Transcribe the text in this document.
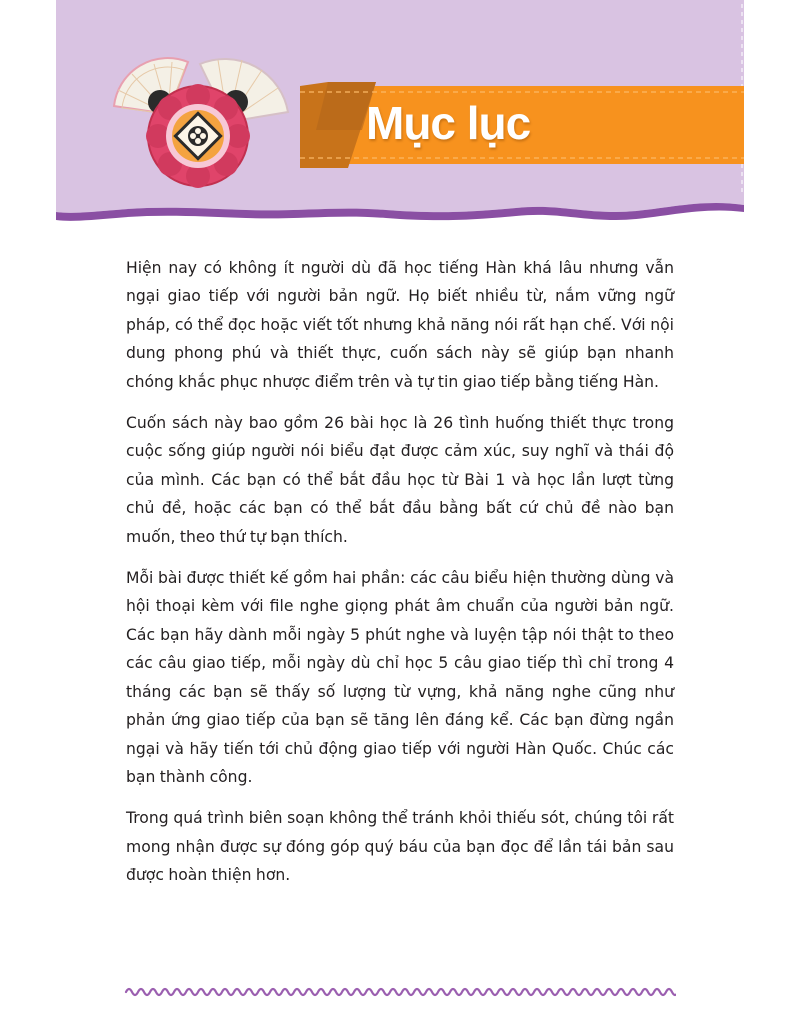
Mục lục

Hiện nay có không ít người dù đã học tiếng Hàn khá lâu nhưng vẫn ngại giao tiếp với người bản ngữ. Họ biết nhiều từ, nắm vững ngữ pháp, có thể đọc hoặc viết tốt nhưng khả năng nói rất hạn chế. Với nội dung phong phú và thiết thực, cuốn sách này sẽ giúp bạn nhanh chóng khắc phục nhược điểm trên và tự tin giao tiếp bằng tiếng Hàn.

Cuốn sách này bao gồm 26 bài học là 26 tình huống thiết thực trong cuộc sống giúp người nói biểu đạt được cảm xúc, suy nghĩ và thái độ của mình. Các bạn có thể bắt đầu học từ Bài 1 và học lần lượt từng chủ đề, hoặc các bạn có thể bắt đầu bằng bất cứ chủ đề nào bạn muốn, theo thứ tự bạn thích.

Mỗi bài được thiết kế gồm hai phần: các câu biểu hiện thường dùng và hội thoại kèm với file nghe giọng phát âm chuẩn của người bản ngữ. Các bạn hãy dành mỗi ngày 5 phút nghe và luyện tập nói thật to theo các câu giao tiếp, mỗi ngày dù chỉ học 5 câu giao tiếp thì chỉ trong 4 tháng các bạn sẽ thấy số lượng từ vựng, khả năng nghe cũng như phản ứng giao tiếp của bạn sẽ tăng lên đáng kể. Các bạn đừng ngần ngại và hãy tiến tới chủ động giao tiếp với người Hàn Quốc. Chúc các bạn thành công.

Trong quá trình biên soạn không thể tránh khỏi thiếu sót, chúng tôi rất mong nhận được sự đóng góp quý báu của bạn đọc để lần tái bản sau được hoàn thiện hơn.
